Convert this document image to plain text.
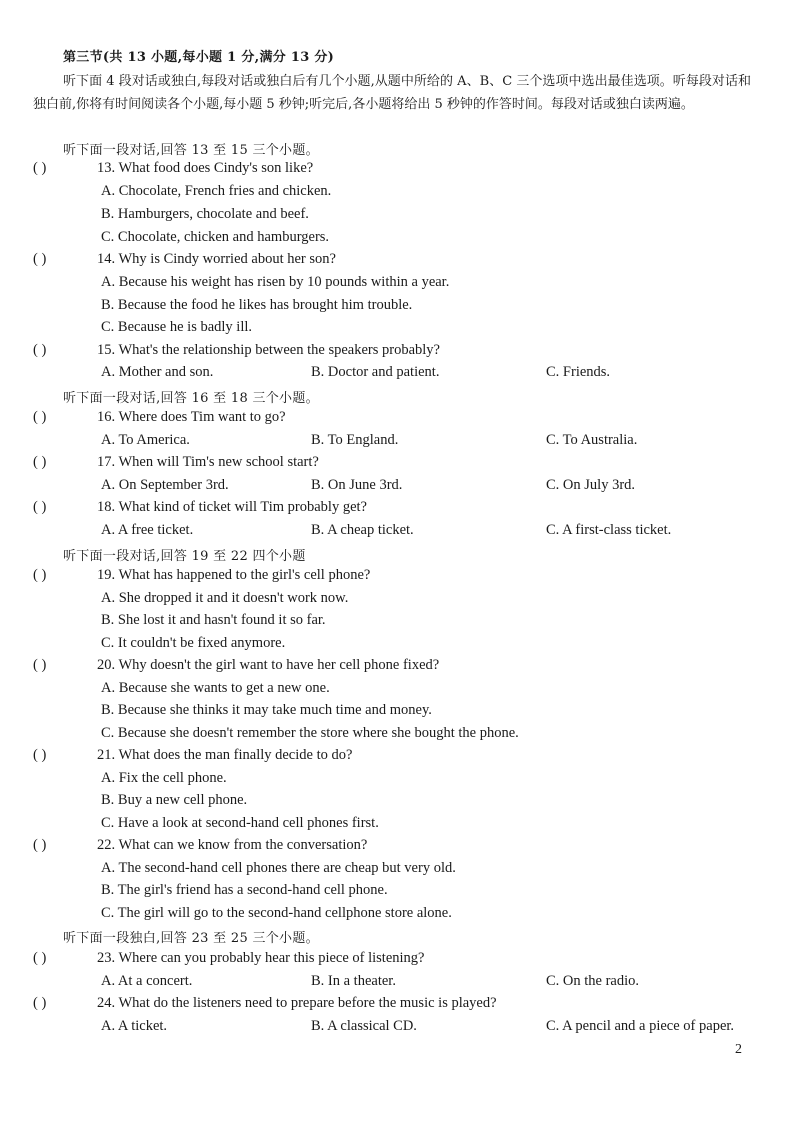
第三节(共 13 小题,每小题 1 分,满分 13 分)
听下面 4 段对话或独白,每段对话或独白后有几个小题,从题中所给的 A、B、C 三个选项中选出最佳选项。听每段对话和独白前,你将有时间阅读各个小题,每小题 5 秒钟;听完后,各小题将给出 5 秒钟的作答时间。每段对话或独白读两遍。
听下面一段对话,回答 13 至 15 三个小题。
( )	13. What food does Cindy's son like?
A. Chocolate, French fries and chicken.
B. Hamburgers, chocolate and beef.
C. Chocolate, chicken and hamburgers.
( )	14. Why is Cindy worried about her son?
A. Because his weight has risen by 10 pounds within a year.
B. Because the food he likes has brought him trouble.
C. Because he is badly ill.
( )	15. What's the relationship between the speakers probably?
A. Mother and son.	B. Doctor and patient.	C. Friends.
听下面一段对话,回答 16 至 18 三个小题。
( )	16. Where does Tim want to go?
A. To America.	B. To England.	C. To Australia.
( )	17. When will Tim's new school start?
A. On September 3rd.	B. On June 3rd.	C. On July 3rd.
( )	18. What kind of ticket will Tim probably get?
A. A free ticket.	B. A cheap ticket.	C. A first-class ticket.
听下面一段对话,回答 19 至 22 四个小题
( )	19. What has happened to the girl's cell phone?
A. She dropped it and it doesn't work now.
B. She lost it and hasn't found it so far.
C. It couldn't be fixed anymore.
( )	20. Why doesn't the girl want to have her cell phone fixed?
A. Because she wants to get a new one.
B. Because she thinks it may take much time and money.
C. Because she doesn't remember the store where she bought the phone.
( )	21. What does the man finally decide to do?
A. Fix the cell phone.
B. Buy a new cell phone.
C. Have a look at second-hand cell phones first.
( )	22. What can we know from the conversation?
A. The second-hand cell phones there are cheap but very old.
B. The girl's friend has a second-hand cell phone.
C. The girl will go to the second-hand cellphone store alone.
听下面一段独白,回答 23 至 25 三个小题。
( )	23. Where can you probably hear this piece of listening?
A. At a concert.	B. In a theater.	C. On the radio.
( )	24. What do the listeners need to prepare before the music is played?
A. A ticket.	B. A classical CD.	C. A pencil and a piece of paper.
2
